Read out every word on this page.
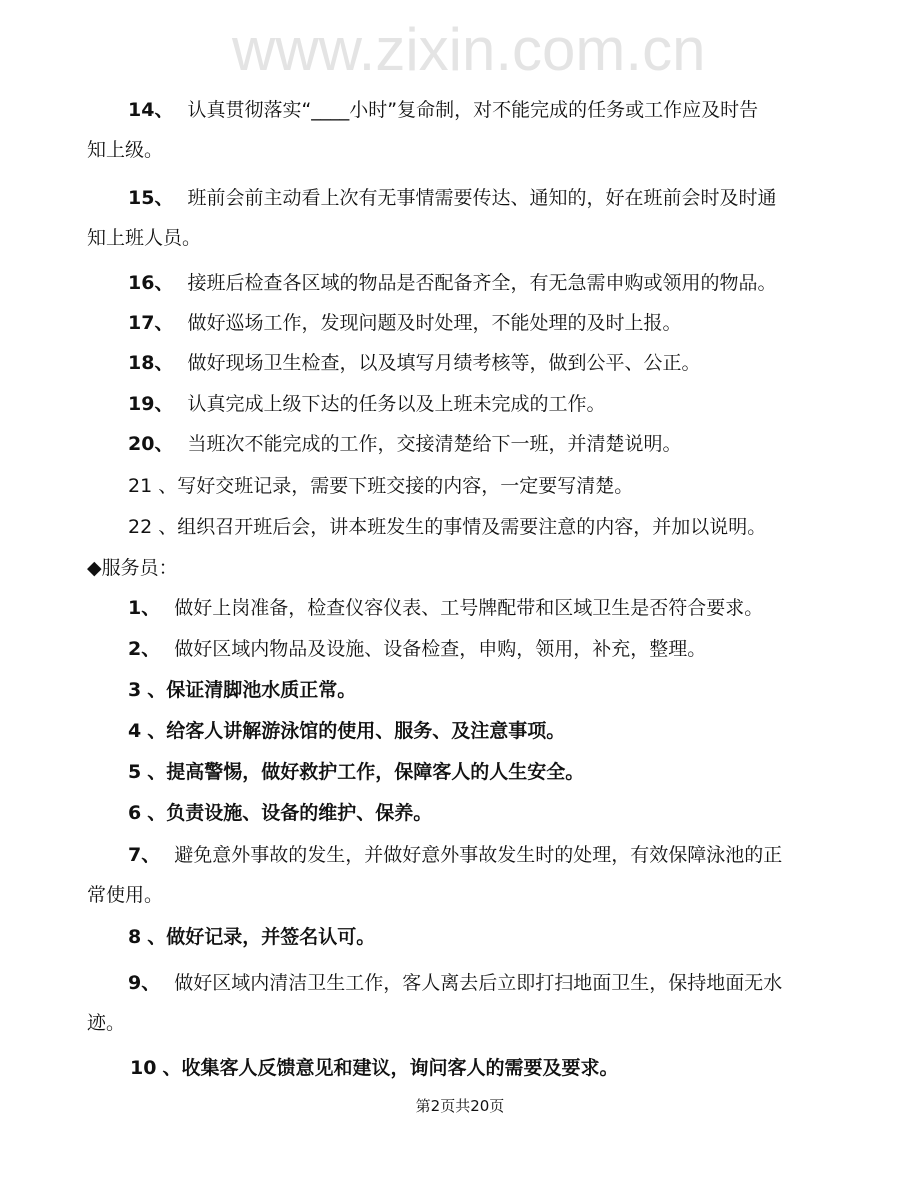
www.zixin.com.cn
14、 认真贯彻落实“____小时”复命制，对不能完成的任务或工作应及时告
知上级。
15、 班前会前主动看上次有无事情需要传达、通知的，好在班前会时及时通
知上班人员。
16、 接班后检查各区域的物品是否配备齐全，有无急需申购或领用的物品。
17、 做好巡场工作，发现问题及时处理，不能处理的及时上报。
18、 做好现场卫生检查，以及填写月绩考核等，做到公平、公正。
19、 认真完成上级下达的任务以及上班未完成的工作。
20、 当班次不能完成的工作，交接清楚给下一班，并清楚说明。
21 、写好交班记录，需要下班交接的内容，一定要写清楚。
22 、组织召开班后会，讲本班发生的事情及需要注意的内容，并加以说明。
◆服务员：
1、 做好上岗准备，检查仪容仪表、工号牌配带和区域卫生是否符合要求。
2、 做好区域内物品及设施、设备检查，申购，领用，补充，整理。
3 、保证清脚池水质正常。
4 、给客人讲解游泳馆的使用、服务、及注意事项。
5 、提高警惕，做好救护工作，保障客人的人生安全。
6 、负责设施、设备的维护、保养。
7、 避免意外事故的发生，并做好意外事故发生时的处理，有效保障泳池的正
常使用。
8 、做好记录，并签名认可。
9、 做好区域内清洁卫生工作，客人离去后立即打扫地面卫生，保持地面无水
迹。
10 、收集客人反馈意见和建议，询问客人的需要及要求。
第2页共20页
